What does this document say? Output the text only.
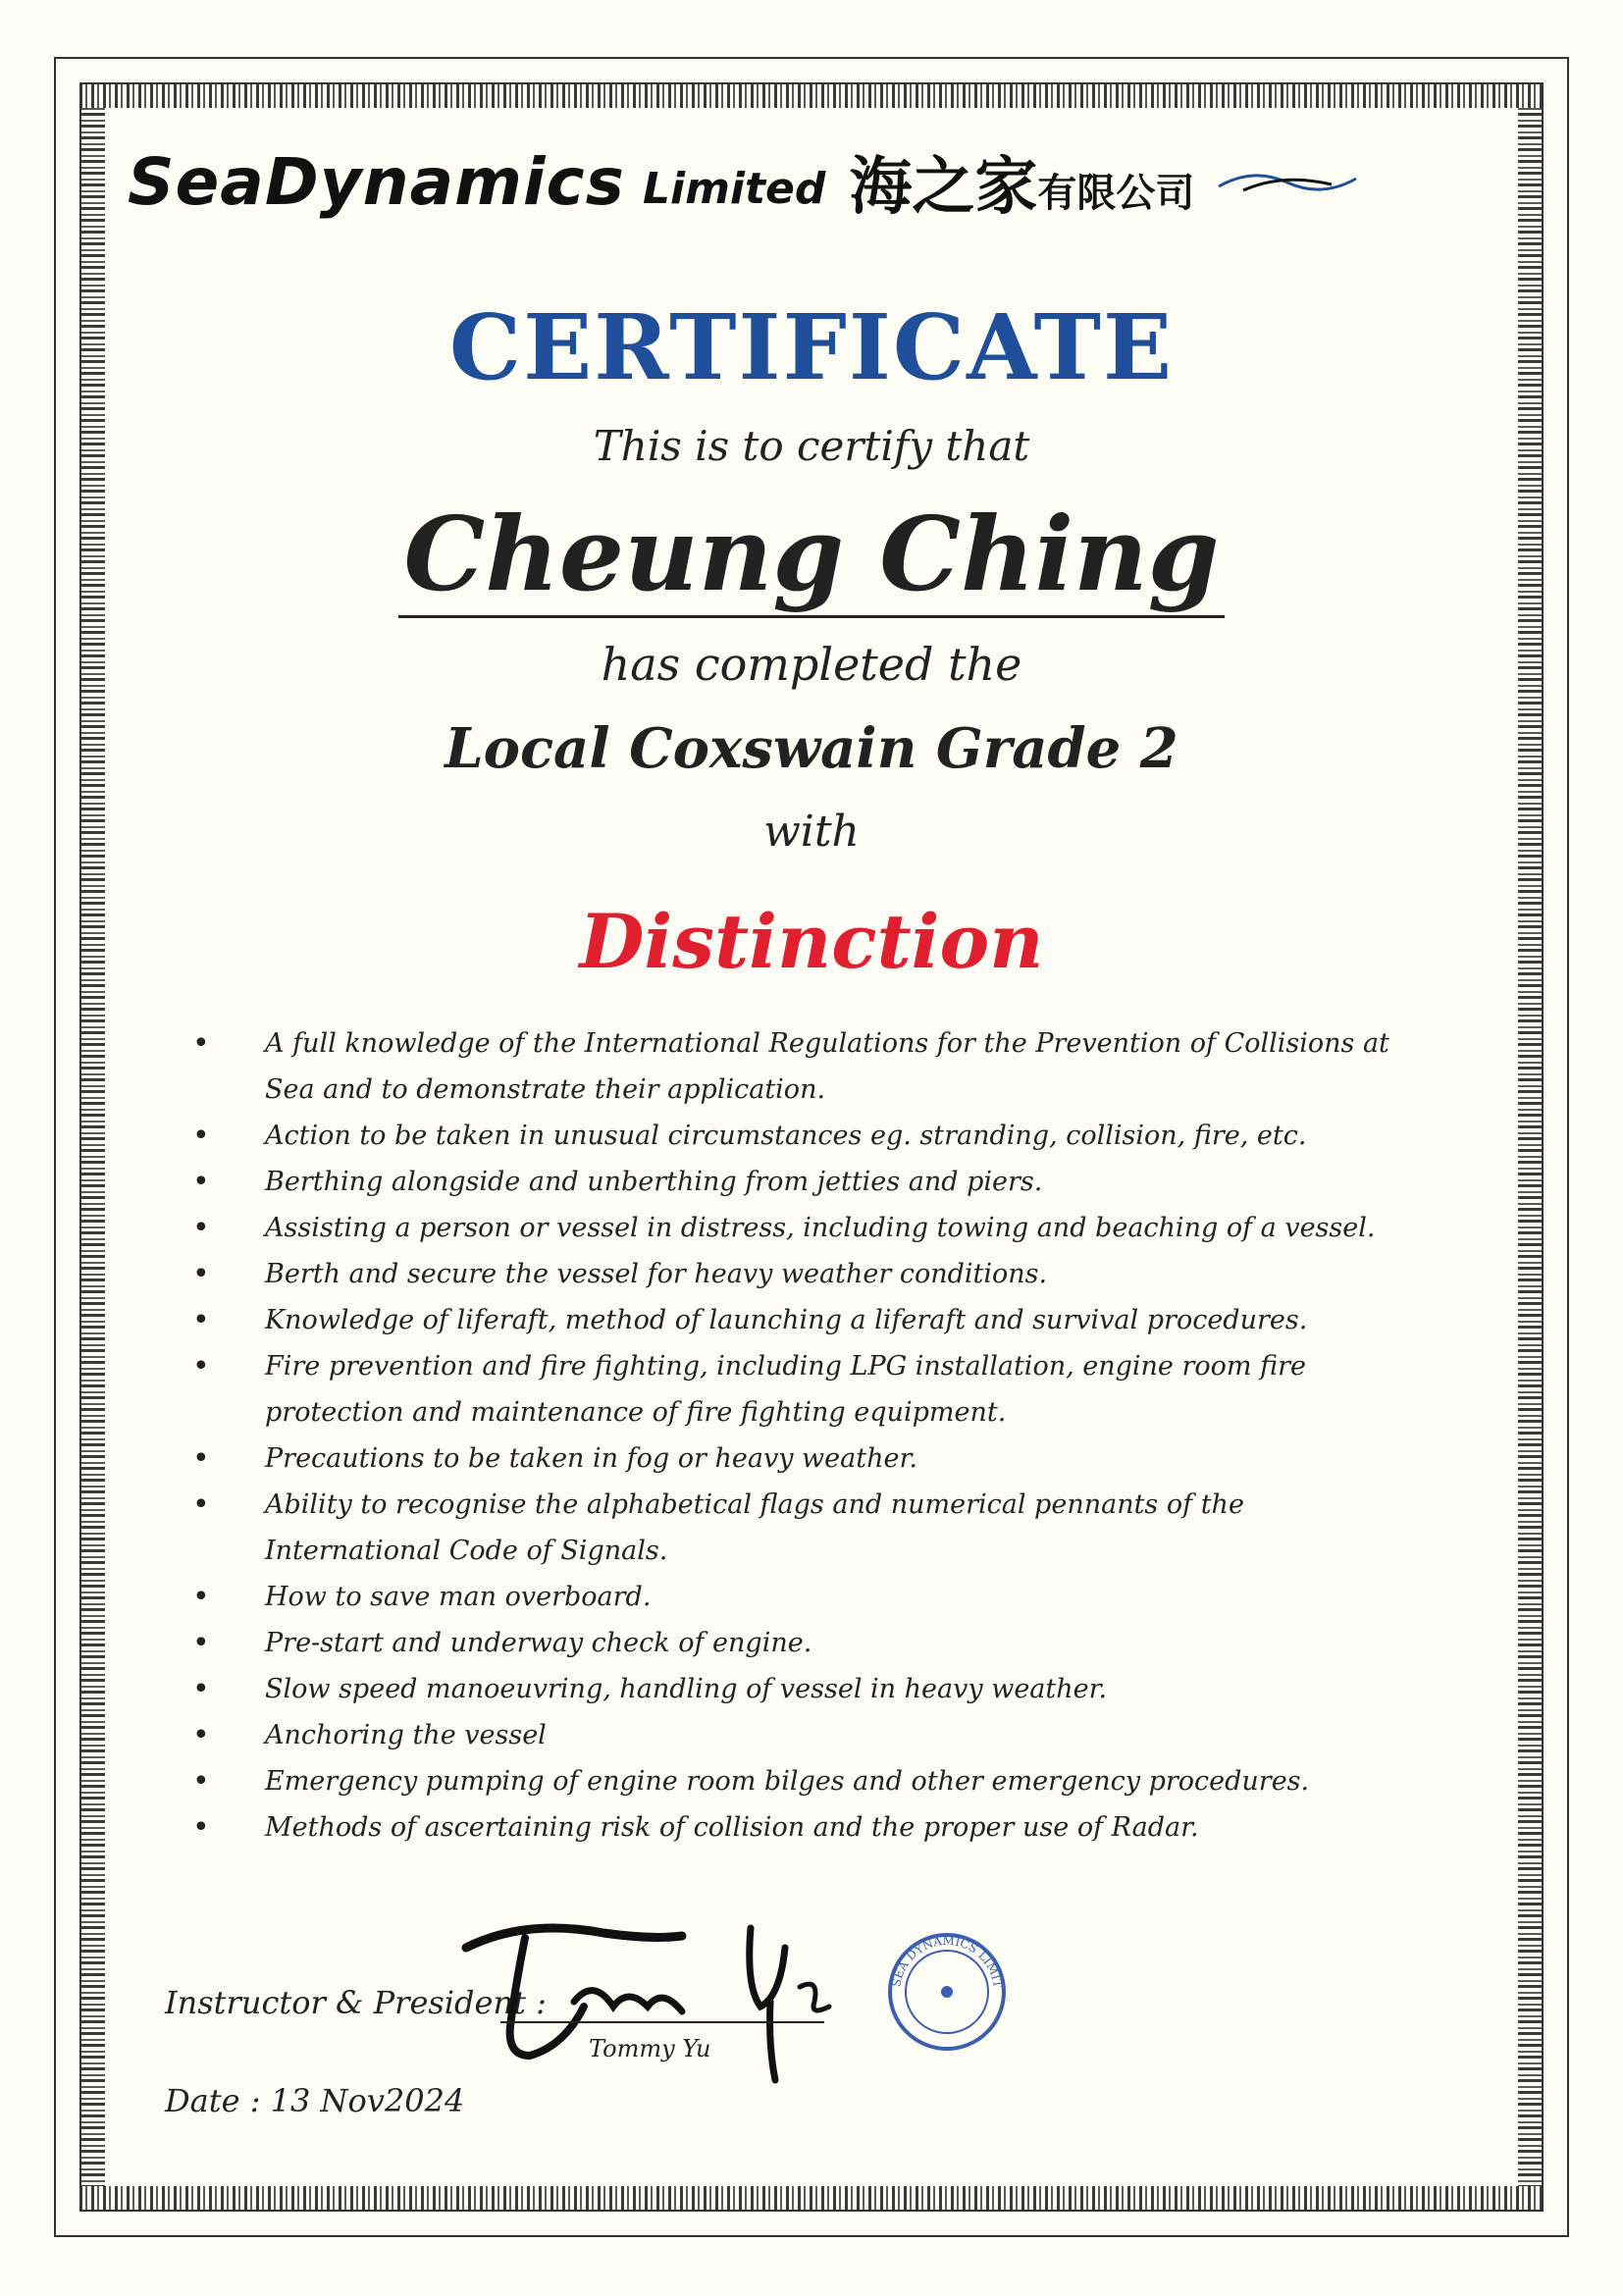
SeaDynamics Limited 海之家 有限公司
CERTIFICATE
This is to certify that
Cheung Ching
has completed the
Local Coxswain Grade 2
with
Distinction
• A full knowledge of the International Regulations for the Prevention of Collisions at Sea and to demonstrate their application.
• Action to be taken in unusual circumstances eg. stranding, collision, fire, etc.
• Berthing alongside and unberthing from jetties and piers.
• Assisting a person or vessel in distress, including towing and beaching of a vessel.
• Berth and secure the vessel for heavy weather conditions.
• Knowledge of liferaft, method of launching a liferaft and survival procedures.
• Fire prevention and fire fighting, including LPG installation, engine room fire protection and maintenance of fire fighting equipment.
• Precautions to be taken in fog or heavy weather.
• Ability to recognise the alphabetical flags and numerical pennants of the International Code of Signals.
• How to save man overboard.
• Pre-start and underway check of engine.
• Slow speed manoeuvring, handling of vessel in heavy weather.
• Anchoring the vessel
• Emergency pumping of engine room bilges and other emergency procedures.
• Methods of ascertaining risk of collision and the proper use of Radar.
Instructor & President :
Tommy Yu
SEA DYNAMICS LIMIT
Date : 13 Nov2024
